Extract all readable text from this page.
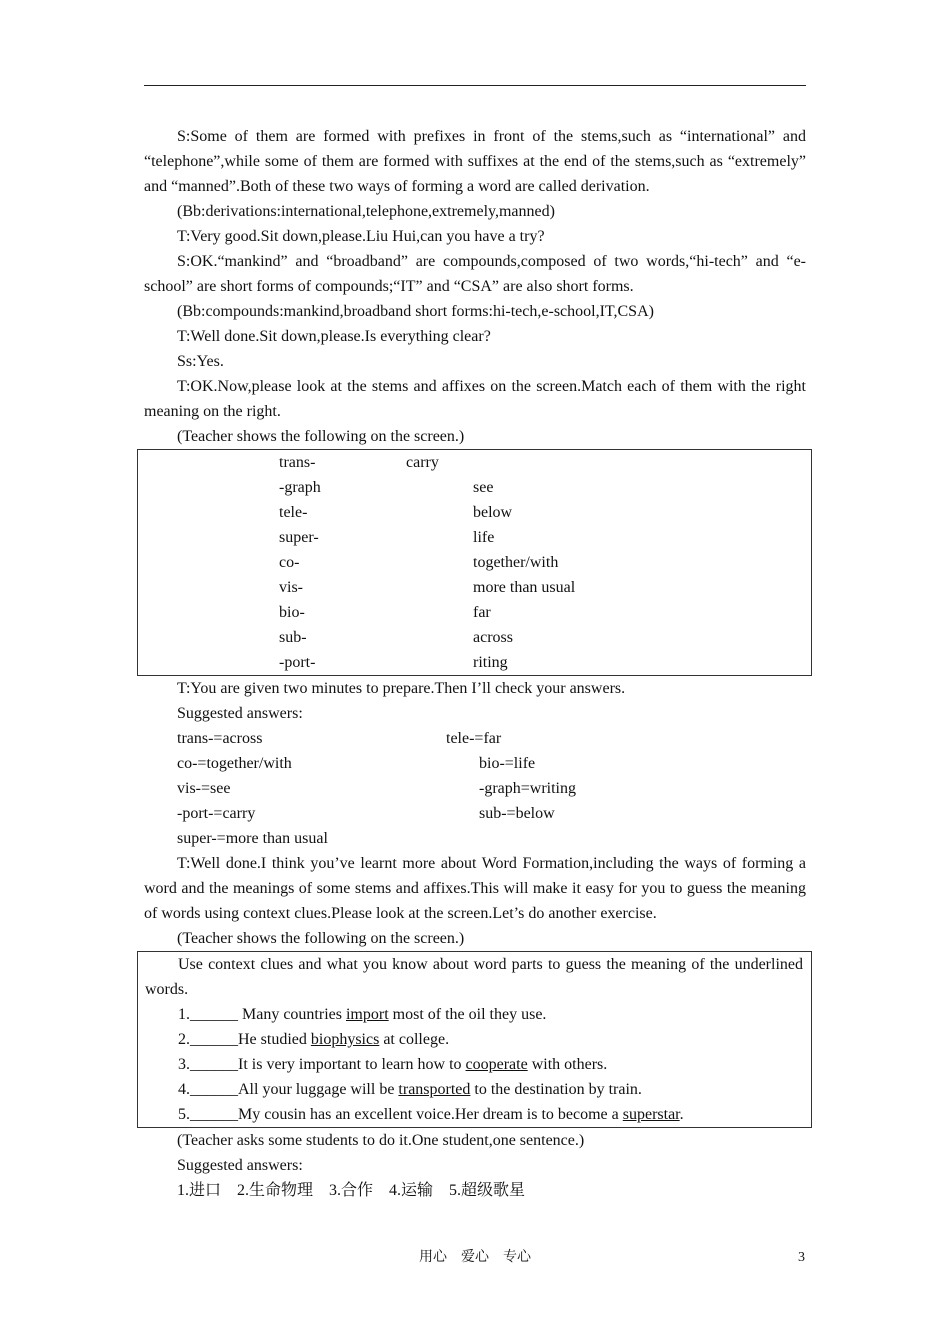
S:Some of them are formed with prefixes in front of the stems,such as “international” and “telephone”,while some of them are formed with suffixes at the end of the stems,such as “extremely” and “manned”.Both of these two ways of forming a word are called derivation.

(Bb:derivations:international,telephone,extremely,manned)

T:Very good.Sit down,please.Liu Hui,can you have a try?

S:OK.“mankind” and “broadband” are compounds,composed of two words,“hi-tech” and “e-school” are short forms of compounds;“IT” and “CSA” are also short forms.

(Bb:compounds:mankind,broadband short forms:hi-tech,e-school,IT,CSA)

T:Well done.Sit down,please.Is everything clear?

Ss:Yes.

T:OK.Now,please look at the stems and affixes on the screen.Match each of them with the right meaning on the right.

(Teacher shows the following on the screen.)

trans-	carry
-graph	see
tele-	below
super-	life
co-	together/with
vis-	more than usual
bio-	far
sub-	across
-port-	riting

T:You are given two minutes to prepare.Then I’ll check your answers.

Suggested answers:

trans-=across	tele-=far
co-=together/with	bio-=life
vis-=see	-graph=writing
-port-=carry	sub-=below
super-=more than usual

T:Well done.I think you’ve learnt more about Word Formation,including the ways of forming a word and the meanings of some stems and affixes.This will make it easy for you to guess the meaning of words using context clues.Please look at the screen.Let’s do another exercise.

(Teacher shows the following on the screen.)

Use context clues and what you know about word parts to guess the meaning of the underlined words.

1.______ Many countries import most of the oil they use.

2.______He studied biophysics at college.

3.______It is very important to learn how to cooperate with others.

4.______All your luggage will be transported to the destination by train.

5.______My cousin has an excellent voice.Her dream is to become a superstar.

(Teacher asks some students to do it.One student,one sentence.)

Suggested answers:

1.进口　2.生命物理　3.合作　4.运输　5.超级歌星

用心　爱心　专心	3
